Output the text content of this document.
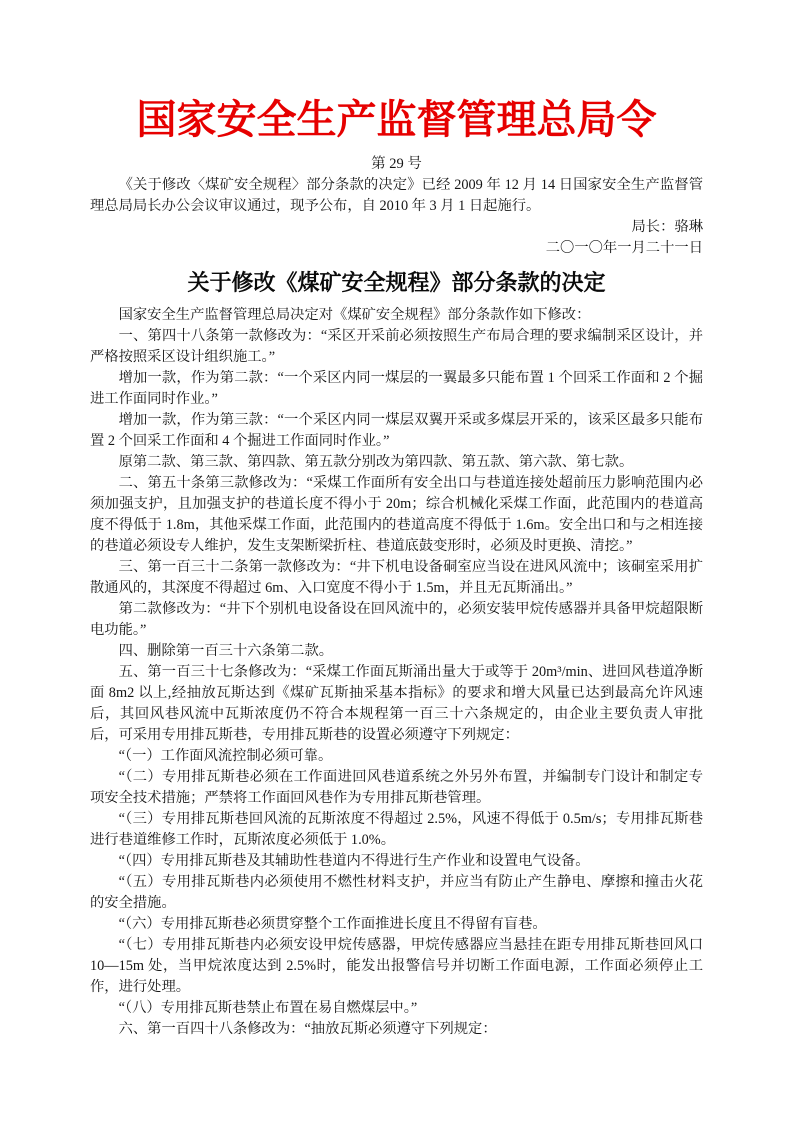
国家安全生产监督管理总局令
第 29 号

《关于修改〈煤矿安全规程〉部分条款的决定》已经 2009 年 12 月 14 日国家安全生产监督管理总局局长办公会议审议通过，现予公布，自 2010 年 3 月 1 日起施行。

局长：骆琳
二〇一〇年一月二十一日
关于修改《煤矿安全规程》部分条款的决定

国家安全生产监督管理总局决定对《煤矿安全规程》部分条款作如下修改：

一、第四十八条第一款修改为：“采区开采前必须按照生产布局合理的要求编制采区设计，并严格按照采区设计组织施工。”

增加一款，作为第二款：“一个采区内同一煤层的一翼最多只能布置 1 个回采工作面和 2 个掘进工作面同时作业。”

增加一款，作为第三款：“一个采区内同一煤层双翼开采或多煤层开采的，该采区最多只能布置 2 个回采工作面和 4 个掘进工作面同时作业。”

原第二款、第三款、第四款、第五款分别改为第四款、第五款、第六款、第七款。

二、第五十条第三款修改为：“采煤工作面所有安全出口与巷道连接处超前压力影响范围内必须加强支护，且加强支护的巷道长度不得小于 20m；综合机械化采煤工作面，此范围内的巷道高度不得低于 1.8m，其他采煤工作面，此范围内的巷道高度不得低于 1.6m。安全出口和与之相连接的巷道必须设专人维护，发生支架断梁折柱、巷道底鼓变形时，必须及时更换、清挖。”

三、第一百三十二条第一款修改为：“井下机电设备硐室应当设在进风风流中；该硐室采用扩散通风的，其深度不得超过 6m、入口宽度不得小于 1.5m，并且无瓦斯涌出。”

第二款修改为：“井下个别机电设备设在回风流中的，必须安装甲烷传感器并具备甲烷超限断电功能。”

四、删除第一百三十六条第二款。

五、第一百三十七条修改为：“采煤工作面瓦斯涌出量大于或等于 20m³/min、进回风巷道净断面 8m2 以上,经抽放瓦斯达到《煤矿瓦斯抽采基本指标》的要求和增大风量已达到最高允许风速后，其回风巷风流中瓦斯浓度仍不符合本规程第一百三十六条规定的，由企业主要负责人审批后，可采用专用排瓦斯巷，专用排瓦斯巷的设置必须遵守下列规定：

“（一）工作面风流控制必须可靠。

“（二）专用排瓦斯巷必须在工作面进回风巷道系统之外另外布置，并编制专门设计和制定专项安全技术措施；严禁将工作面回风巷作为专用排瓦斯巷管理。

“（三）专用排瓦斯巷回风流的瓦斯浓度不得超过 2.5%，风速不得低于 0.5m/s；专用排瓦斯巷进行巷道维修工作时，瓦斯浓度必须低于 1.0%。

“（四）专用排瓦斯巷及其辅助性巷道内不得进行生产作业和设置电气设备。

“（五）专用排瓦斯巷内必须使用不燃性材料支护，并应当有防止产生静电、摩擦和撞击火花的安全措施。

“（六）专用排瓦斯巷必须贯穿整个工作面推进长度且不得留有盲巷。

“（七）专用排瓦斯巷内必须安设甲烷传感器，甲烷传感器应当悬挂在距专用排瓦斯巷回风口 10—15m 处，当甲烷浓度达到 2.5%时，能发出报警信号并切断工作面电源，工作面必须停止工作，进行处理。

“（八）专用排瓦斯巷禁止布置在易自燃煤层中。”

六、第一百四十八条修改为：“抽放瓦斯必须遵守下列规定：
